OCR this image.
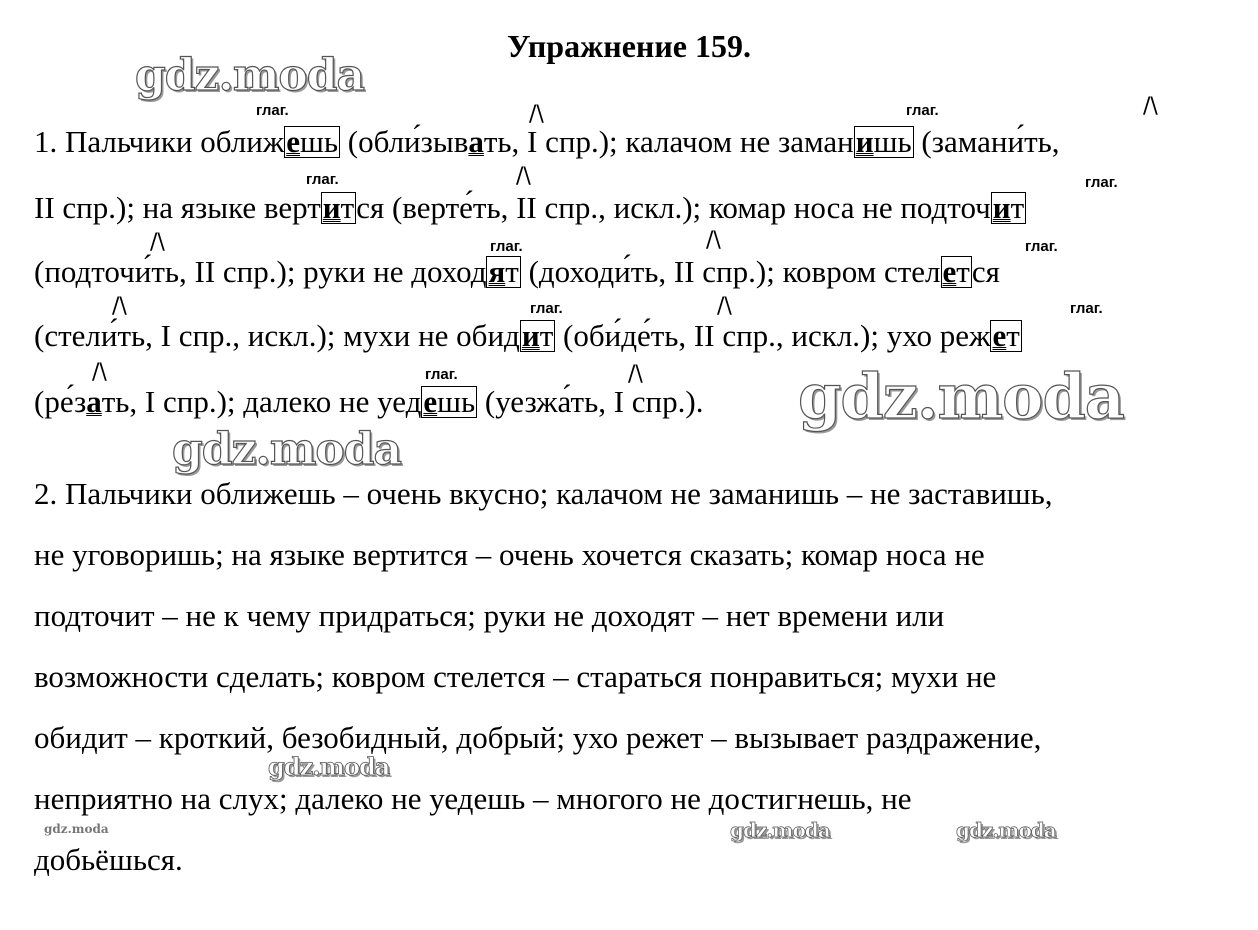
Упражнение 159.
gdz.moda
gdz.moda
gdz.moda
gdz.moda
gdz.moda	gdz.moda	gdz.moda
глаг.	глаг.
глаг.	глаг.
глаг.	глаг.
глаг.	глаг.
глаг.
/\	/\
/\
/\	/\
/\	/\
/\	/\
1. Пальчики оближешь (обли́зывать, I спр.); калачом не заманишь (замани́ть,
II спр.); на языке вертится (верте́ть, II спр., искл.); комар носа не подточит
(подточи́ть, II спр.); руки не доходят (доходи́ть, II спр.); ковром стелется
(стели́ть, I спр., искл.); мухи не обидит (оби́де́ть, II спр., искл.); ухо режет
(ре́зать, I спр.); далеко не уедешь (уезжа́ть, I спр.).
2. Пальчики оближешь – очень вкусно; калачом не заманишь – не заставишь,
не уговоришь; на языке вертится – очень хочется сказать; комар носа не
подточит – не к чему придраться; руки не доходят – нет времени или
возможности сделать; ковром стелется – стараться понравиться; мухи не
обидит – кроткий, безобидный, добрый; ухо режет – вызывает раздражение,
неприятно на слух; далеко не уедешь – многого не достигнешь, не
добьёшься.
